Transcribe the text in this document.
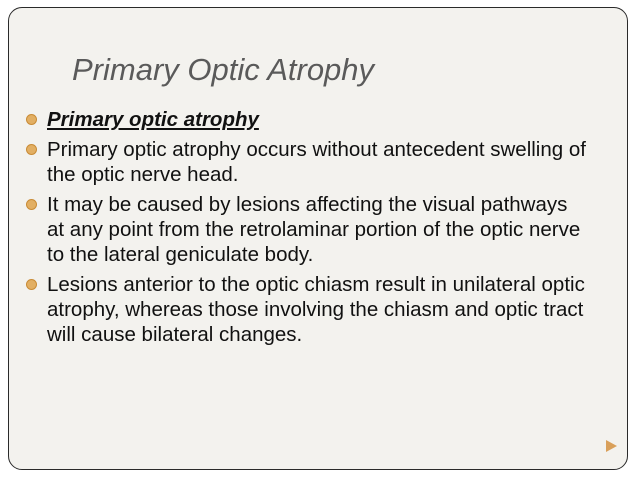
Primary Optic Atrophy
Primary optic atrophy
Primary optic atrophy occurs without antecedent swelling of the optic nerve head.
It may be caused by lesions affecting the visual pathways at any point from the retrolaminar portion of the optic nerve to the lateral geniculate body.
Lesions anterior to the optic chiasm result in unilateral optic atrophy, whereas those involving the chiasm and optic tract will cause bilateral changes.
